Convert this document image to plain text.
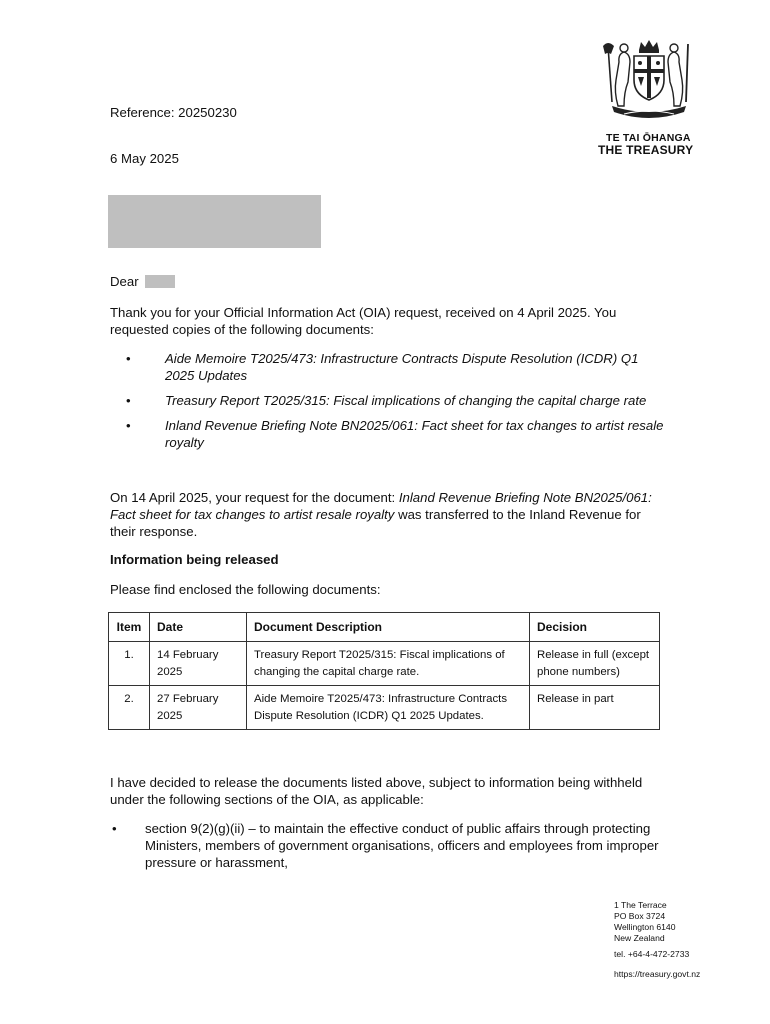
TE TAI ŌHANGA
THE TREASURY
Reference: 20250230
6 May 2025
Dear
Thank you for your Official Information Act (OIA) request, received on 4 April 2025. You requested copies of the following documents:
•	Aide Memoire T2025/473: Infrastructure Contracts Dispute Resolution (ICDR) Q1 2025 Updates
•	Treasury Report T2025/315: Fiscal implications of changing the capital charge rate
•	Inland Revenue Briefing Note BN2025/061: Fact sheet for tax changes to artist resale royalty
On 14 April 2025, your request for the document: Inland Revenue Briefing Note BN2025/061: Fact sheet for tax changes to artist resale royalty was transferred to the Inland Revenue for their response.
Information being released
Please find enclosed the following documents:
Item	Date	Document Description	Decision
1.	14 February 2025	Treasury Report T2025/315: Fiscal implications of changing the capital charge rate.	Release in full (except phone numbers)
2.	27 February 2025	Aide Memoire T2025/473: Infrastructure Contracts Dispute Resolution (ICDR) Q1 2025 Updates.	Release in part
I have decided to release the documents listed above, subject to information being withheld under the following sections of the OIA, as applicable:
• section 9(2)(g)(ii) – to maintain the effective conduct of public affairs through protecting Ministers, members of government organisations, officers and employees from improper pressure or harassment,
1 The Terrace
PO Box 3724
Wellington 6140
New Zealand
tel. +64-4-472-2733
https://treasury.govt.nz
